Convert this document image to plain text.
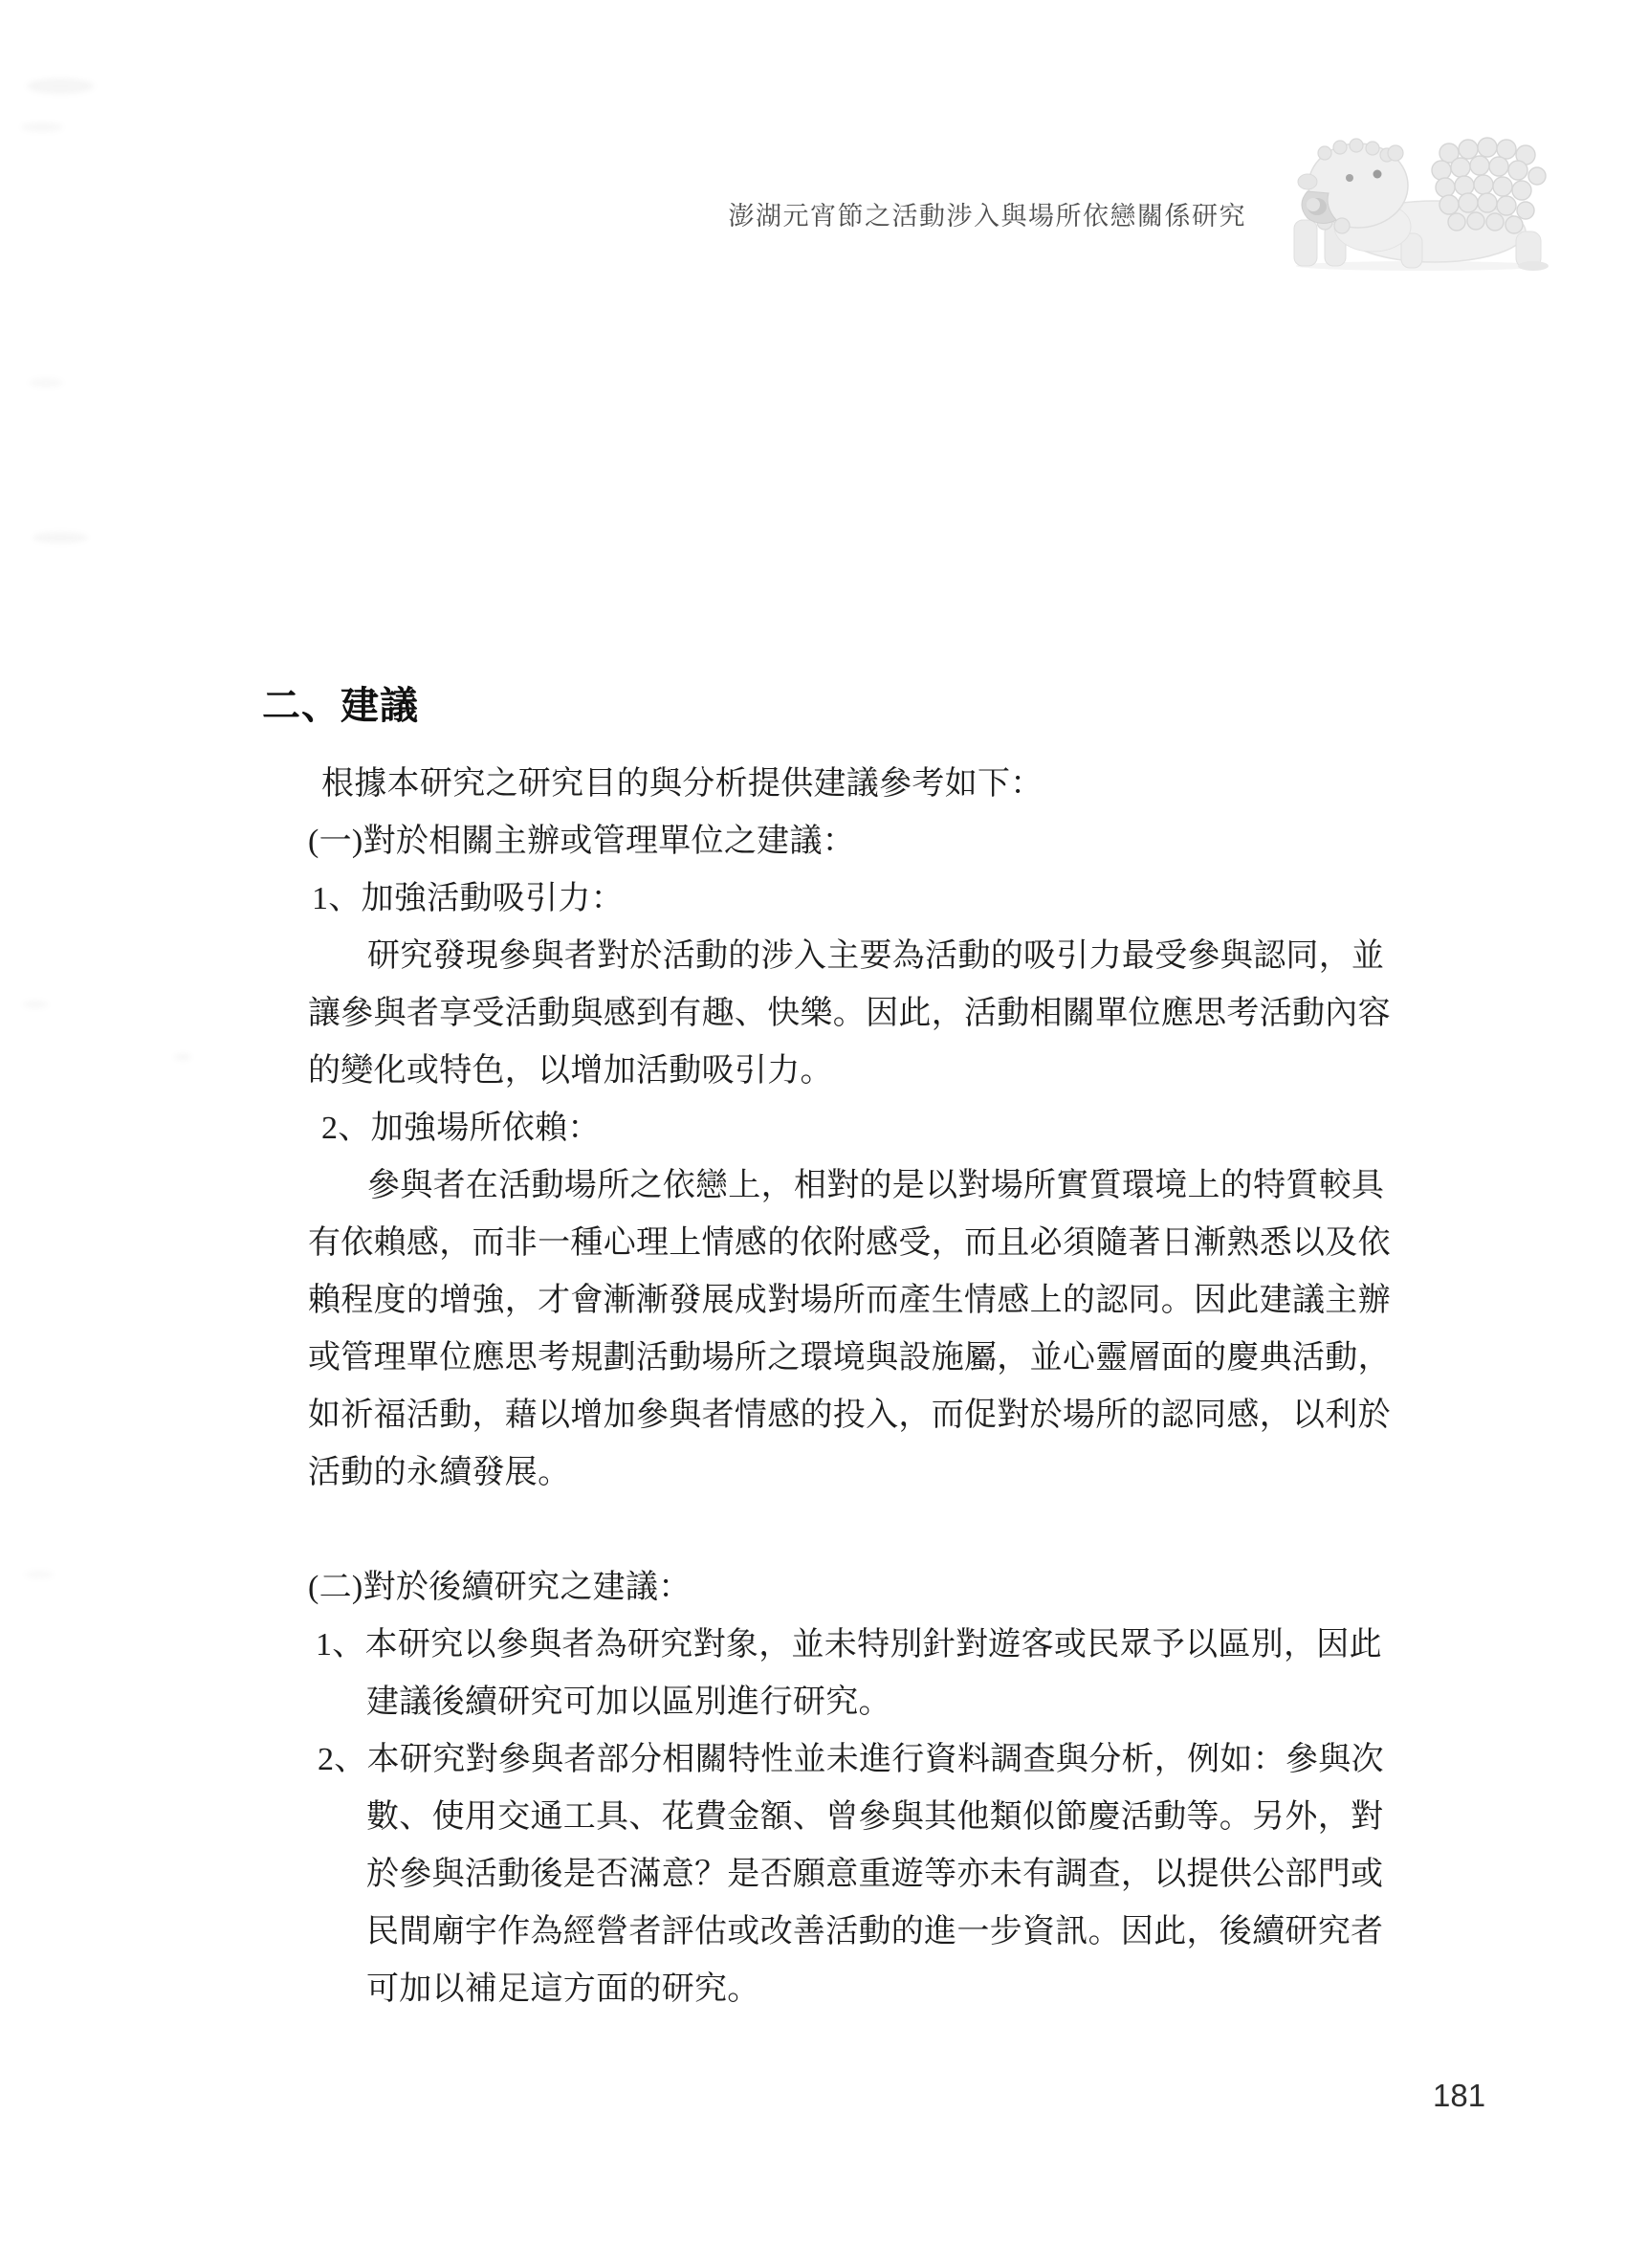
澎湖元宵節之活動涉入與場所依戀關係研究
二、建議
根據本研究之研究目的與分析提供建議參考如下：
(一)對於相關主辦或管理單位之建議：
1、加強活動吸引力：
研究發現參與者對於活動的涉入主要為活動的吸引力最受參與認同，並
讓參與者享受活動與感到有趣、快樂。因此，活動相關單位應思考活動內容
的變化或特色，以增加活動吸引力。
2、加強場所依賴：
參與者在活動場所之依戀上，相對的是以對場所實質環境上的特質較具
有依賴感，而非一種心理上情感的依附感受，而且必須隨著日漸熟悉以及依
賴程度的增強，才會漸漸發展成對場所而產生情感上的認同。因此建議主辦
或管理單位應思考規劃活動場所之環境與設施屬，並心靈層面的慶典活動，
如祈福活動，藉以增加參與者情感的投入，而促對於場所的認同感，以利於
活動的永續發展。
(二)對於後續研究之建議：
1、本研究以參與者為研究對象，並未特別針對遊客或民眾予以區別，因此
建議後續研究可加以區別進行研究。
2、本研究對參與者部分相關特性並未進行資料調查與分析，例如：參與次
數、使用交通工具、花費金額、曾參與其他類似節慶活動等。另外，對
於參與活動後是否滿意？是否願意重遊等亦未有調查，以提供公部門或
民間廟宇作為經營者評估或改善活動的進一步資訊。因此，後續研究者
可加以補足這方面的研究。
181
